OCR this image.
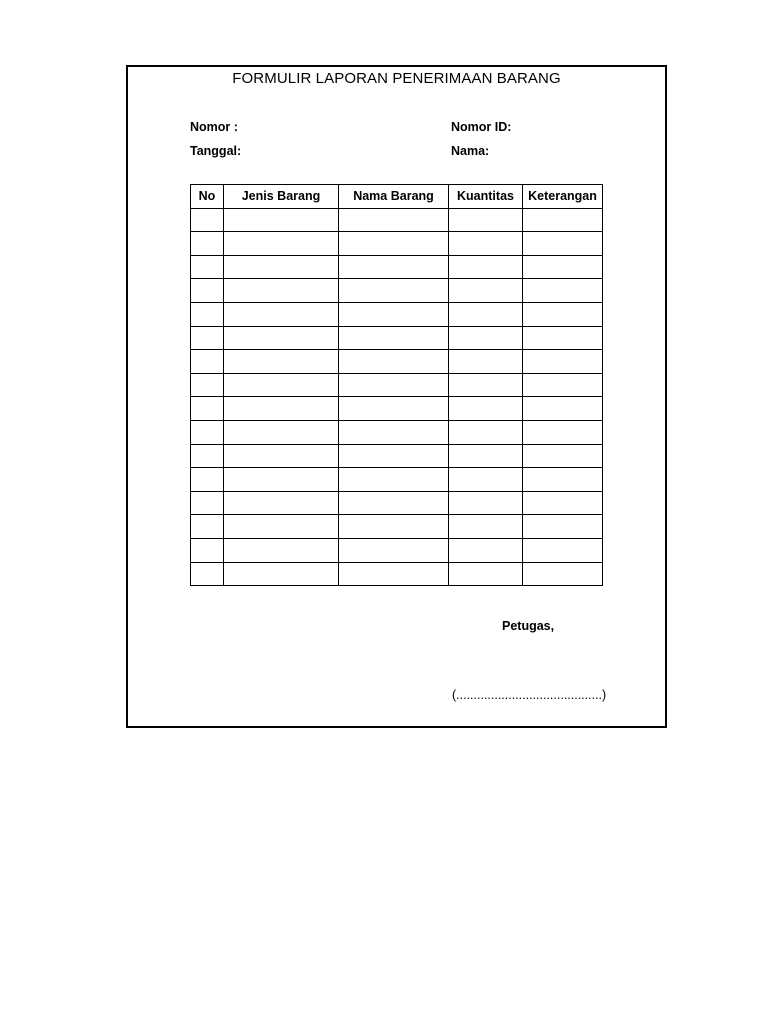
FORMULIR LAPORAN PENERIMAAN BARANG
Nomor :	Nomor ID:
Tanggal:	Nama:
No	Jenis Barang	Nama Barang	Kuantitas	Keterangan

Petugas,
(..........................................)
